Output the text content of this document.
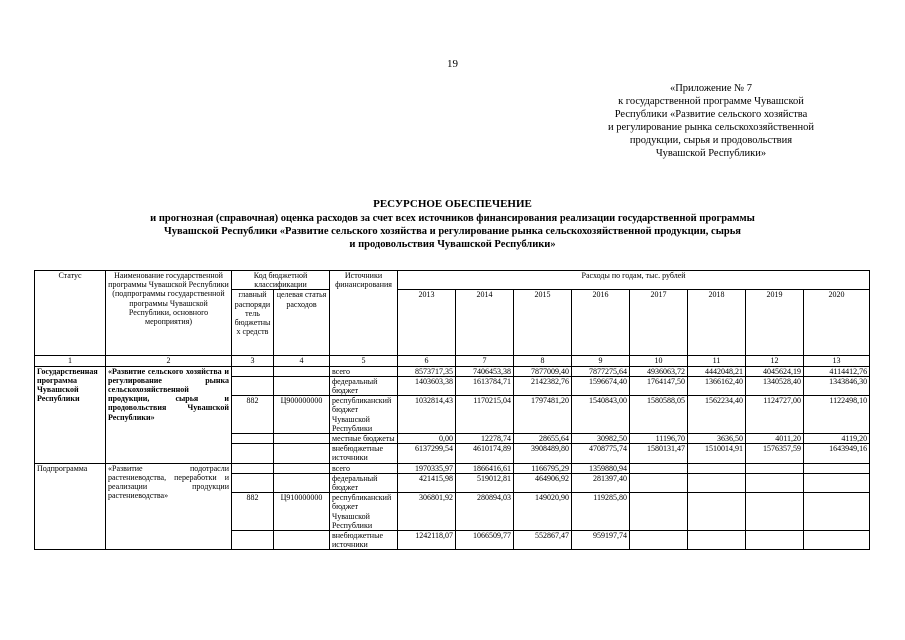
19
«Приложение № 7
к государственной программе Чувашской
Республики «Развитие сельского хозяйства
и регулирование рынка сельскохозяйственной
продукции, сырья и продовольствия
Чувашской Республики»
РЕСУРСНОЕ ОБЕСПЕЧЕНИЕ
и прогнозная (справочная) оценка расходов за счет всех источников финансирования реализации государственной программы
Чувашской Республики «Развитие сельского хозяйства и регулирование рынка сельскохозяйственной продукции, сырья
и продовольствия Чувашской Республики»
Статус	Наименование государственной программы Чувашской Республики (подпрограммы государственной программы Чувашской Республики, основного мероприятия)	Код бюджетной классификации		Источники финансирования	Расходы по годам, тыс. рублей							
		главный распорядитель бюджетных средств	целевая статья расходов		2013	2014	2015	2016	2017	2018	2019	2020

1	2	3	4	5	6	7	8	9	10	11	12	13
Государственная программа Чувашской Республики	«Развитие сельского хозяйства и регулирование рынка сельскохозяйственной продукции, сырья и продовольствия Чувашской Республики»			всего	8573717,35	7406453,38	7877009,40	7877275,64	4936063,72	4442048,21	4045624,19	4114412,76
				федеральный бюджет	1403603,38	1613784,71	2142382,76	1596674,40	1764147,50	1366162,40	1340528,40	1343846,30
		882	Ц900000000	республиканский бюджет Чувашской Республики	1032814,43	1170215,04	1797481,20	1540843,00	1580588,05	1562234,40	1124727,00	1122498,10
				местные бюджеты	0,00	12278,74	28655,64	30982,50	11196,70	3636,50	4011,20	4119,20
				внебюджетные источники	6137299,54	4610174,89	3908489,80	4708775,74	1580131,47	1510014,91	1576357,59	1643949,16
Подпрограмма	«Развитие подотрасли растениеводства, переработки и реализации продукции растениеводства»			всего	1970335,97	1866416,61	1166795,29	1359880,94				
				федеральный бюджет	421415,98	519012,81	464906,92	281397,40				
		882	Ц910000000	республиканский бюджет Чувашской Республики	306801,92	280894,03	149020,90	119285,80				
				внебюджетные источники	1242118,07	1066509,77	552867,47	959197,74				
